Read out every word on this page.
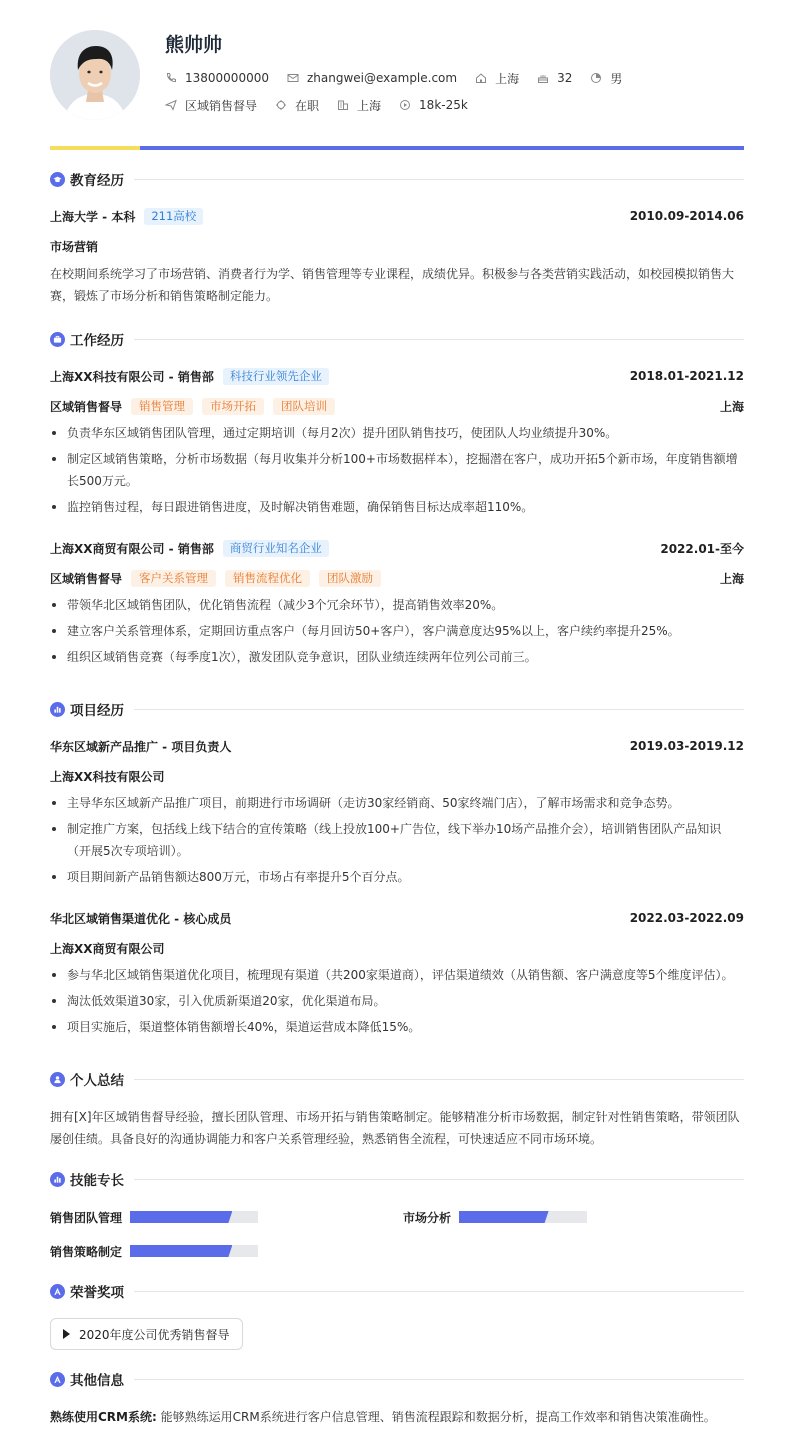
熊帅帅
13800000000	zhangwei@example.com	上海	32	男
区域销售督导	在职	上海	18k-25k
教育经历
上海大学 - 本科	211高校	2010.09-2014.06
市场营销
在校期间系统学习了市场营销、消费者行为学、销售管理等专业课程，成绩优异。积极参与各类营销实践活动，如校园模拟销售大赛，锻炼了市场分析和销售策略制定能力。
工作经历
上海XX科技有限公司 - 销售部	科技行业领先企业	2018.01-2021.12
区域销售督导	销售管理	市场开拓	团队培训	上海
负责华东区域销售团队管理，通过定期培训（每月2次）提升团队销售技巧，使团队人均业绩提升30%。
制定区域销售策略，分析市场数据（每月收集并分析100+市场数据样本），挖掘潜在客户，成功开拓5个新市场，年度销售额增长500万元。
监控销售过程，每日跟进销售进度，及时解决销售难题，确保销售目标达成率超110%。
上海XX商贸有限公司 - 销售部	商贸行业知名企业	2022.01-至今
区域销售督导	客户关系管理	销售流程优化	团队激励	上海
带领华北区域销售团队，优化销售流程（减少3个冗余环节），提高销售效率20%。
建立客户关系管理体系，定期回访重点客户（每月回访50+客户），客户满意度达95%以上，客户续约率提升25%。
组织区域销售竞赛（每季度1次），激发团队竞争意识，团队业绩连续两年位列公司前三。
项目经历
华东区域新产品推广 - 项目负责人	2019.03-2019.12
上海XX科技有限公司
主导华东区域新产品推广项目，前期进行市场调研（走访30家经销商、50家终端门店），了解市场需求和竞争态势。
制定推广方案，包括线上线下结合的宣传策略（线上投放100+广告位，线下举办10场产品推介会），培训销售团队产品知识（开展5次专项培训）。
项目期间新产品销售额达800万元，市场占有率提升5个百分点。
华北区域销售渠道优化 - 核心成员	2022.03-2022.09
上海XX商贸有限公司
参与华北区域销售渠道优化项目，梳理现有渠道（共200家渠道商），评估渠道绩效（从销售额、客户满意度等5个维度评估）。
淘汰低效渠道30家，引入优质新渠道20家，优化渠道布局。
项目实施后，渠道整体销售额增长40%，渠道运营成本降低15%。
个人总结
拥有[X]年区域销售督导经验，擅长团队管理、市场开拓与销售策略制定。能够精准分析市场数据，制定针对性销售策略，带领团队屡创佳绩。具备良好的沟通协调能力和客户关系管理经验，熟悉销售全流程，可快速适应不同市场环境。
技能专长
销售团队管理	市场分析
销售策略制定
荣誉奖项
2020年度公司优秀销售督导
其他信息
熟练使用CRM系统: 能够熟练运用CRM系统进行客户信息管理、销售流程跟踪和数据分析，提高工作效率和销售决策准确性。
